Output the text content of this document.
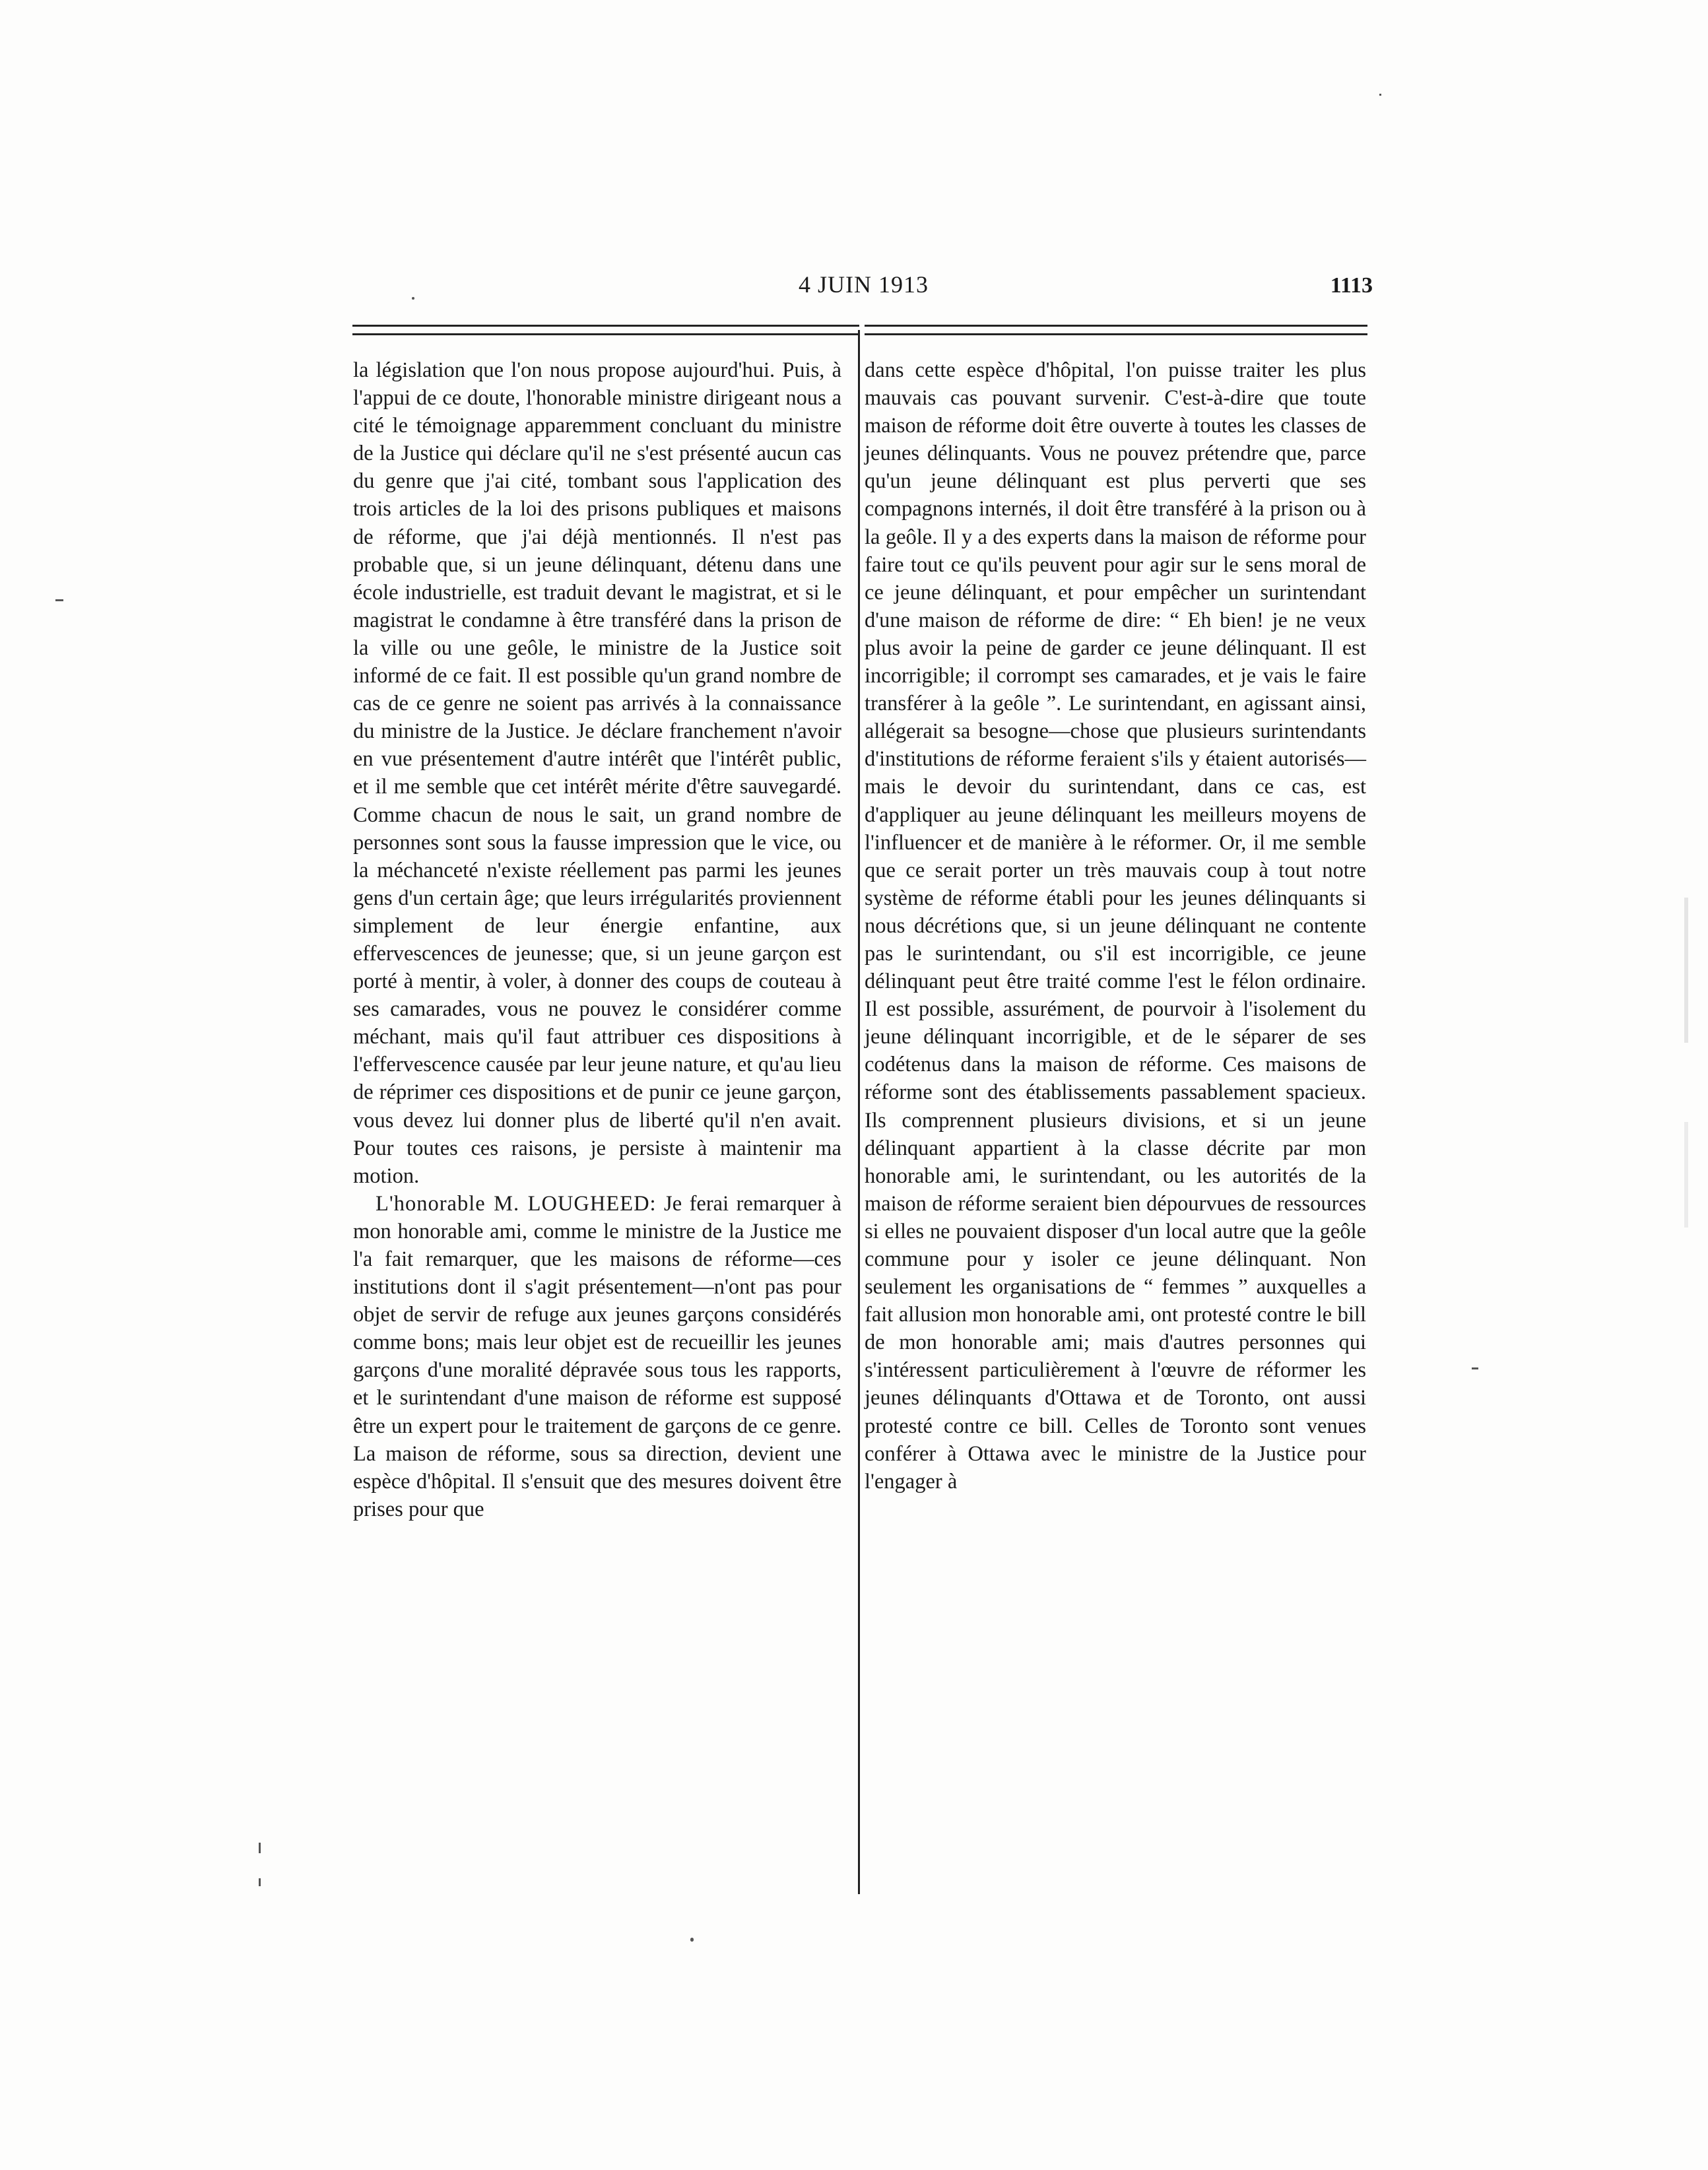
4 JUIN 1913	1113

la législation que l'on nous propose aujourd'hui. Puis, à l'appui de ce doute, l'honorable ministre dirigeant nous a cité le témoignage apparemment concluant du ministre de la Justice qui déclare qu'il ne s'est présenté aucun cas du genre que j'ai cité, tombant sous l'application des trois articles de la loi des prisons publiques et maisons de réforme, que j'ai déjà mentionnés. Il n'est pas probable que, si un jeune délinquant, détenu dans une école industrielle, est traduit devant le magistrat, et si le magistrat le condamne à être transféré dans la prison de la ville ou une geôle, le ministre de la Justice soit informé de ce fait. Il est possible qu'un grand nombre de cas de ce genre ne soient pas arrivés à la connaissance du ministre de la Justice. Je déclare franchement n'avoir en vue présentement d'autre intérêt que l'intérêt public, et il me semble que cet intérêt mérite d'être sauvegardé. Comme chacun de nous le sait, un grand nombre de personnes sont sous la fausse impression que le vice, ou la méchanceté n'existe réellement pas parmi les jeunes gens d'un certain âge; que leurs irrégularités proviennent simplement de leur énergie enfantine, aux effervescences de jeunesse; que, si un jeune garçon est porté à mentir, à voler, à donner des coups de couteau à ses camarades, vous ne pouvez le considérer comme méchant, mais qu'il faut attribuer ces dispositions à l'effervescence causée par leur jeune nature, et qu'au lieu de réprimer ces dispositions et de punir ce jeune garçon, vous devez lui donner plus de liberté qu'il n'en avait. Pour toutes ces raisons, je persiste à maintenir ma motion.

L'honorable M. LOUGHEED: Je ferai remarquer à mon honorable ami, comme le ministre de la Justice me l'a fait remarquer, que les maisons de réforme—ces institutions dont il s'agit présentement—n'ont pas pour objet de servir de refuge aux jeunes garçons considérés comme bons; mais leur objet est de recueillir les jeunes garçons d'une moralité dépravée sous tous les rapports, et le surintendant d'une maison de réforme est supposé être un expert pour le traitement de garçons de ce genre. La maison de réforme, sous sa direction, devient une espèce d'hôpital. Il s'ensuit que des mesures doivent être prises pour que

dans cette espèce d'hôpital, l'on puisse traiter les plus mauvais cas pouvant survenir. C'est-à-dire que toute maison de réforme doit être ouverte à toutes les classes de jeunes délinquants. Vous ne pouvez prétendre que, parce qu'un jeune délinquant est plus perverti que ses compagnons internés, il doit être transféré à la prison ou à la geôle. Il y a des experts dans la maison de réforme pour faire tout ce qu'ils peuvent pour agir sur le sens moral de ce jeune délinquant, et pour empêcher un surintendant d'une maison de réforme de dire: “ Eh bien! je ne veux plus avoir la peine de garder ce jeune délinquant. Il est incorrigible; il corrompt ses camarades, et je vais le faire transférer à la geôle ”. Le surintendant, en agissant ainsi, allégerait sa besogne—chose que plusieurs surintendants d'institutions de réforme feraient s'ils y étaient autorisés—mais le devoir du surintendant, dans ce cas, est d'appliquer au jeune délinquant les meilleurs moyens de l'influencer et de manière à le réformer. Or, il me semble que ce serait porter un très mauvais coup à tout notre système de réforme établi pour les jeunes délinquants si nous décrétions que, si un jeune délinquant ne contente pas le surintendant, ou s'il est incorrigible, ce jeune délinquant peut être traité comme l'est le félon ordinaire. Il est possible, assurément, de pourvoir à l'isolement du jeune délinquant incorrigible, et de le séparer de ses codétenus dans la maison de réforme. Ces maisons de réforme sont des établissements passablement spacieux. Ils comprennent plusieurs divisions, et si un jeune délinquant appartient à la classe décrite par mon honorable ami, le surintendant, ou les autorités de la maison de réforme seraient bien dépourvues de ressources si elles ne pouvaient disposer d'un local autre que la geôle commune pour y isoler ce jeune délinquant. Non seulement les organisations de “ femmes ” auxquelles a fait allusion mon honorable ami, ont protesté contre le bill de mon honorable ami; mais d'autres personnes qui s'intéressent particulièrement à l'œuvre de réformer les jeunes délinquants d'Ottawa et de Toronto, ont aussi protesté contre ce bill. Celles de Toronto sont venues conférer à Ottawa avec le ministre de la Justice pour l'engager à
